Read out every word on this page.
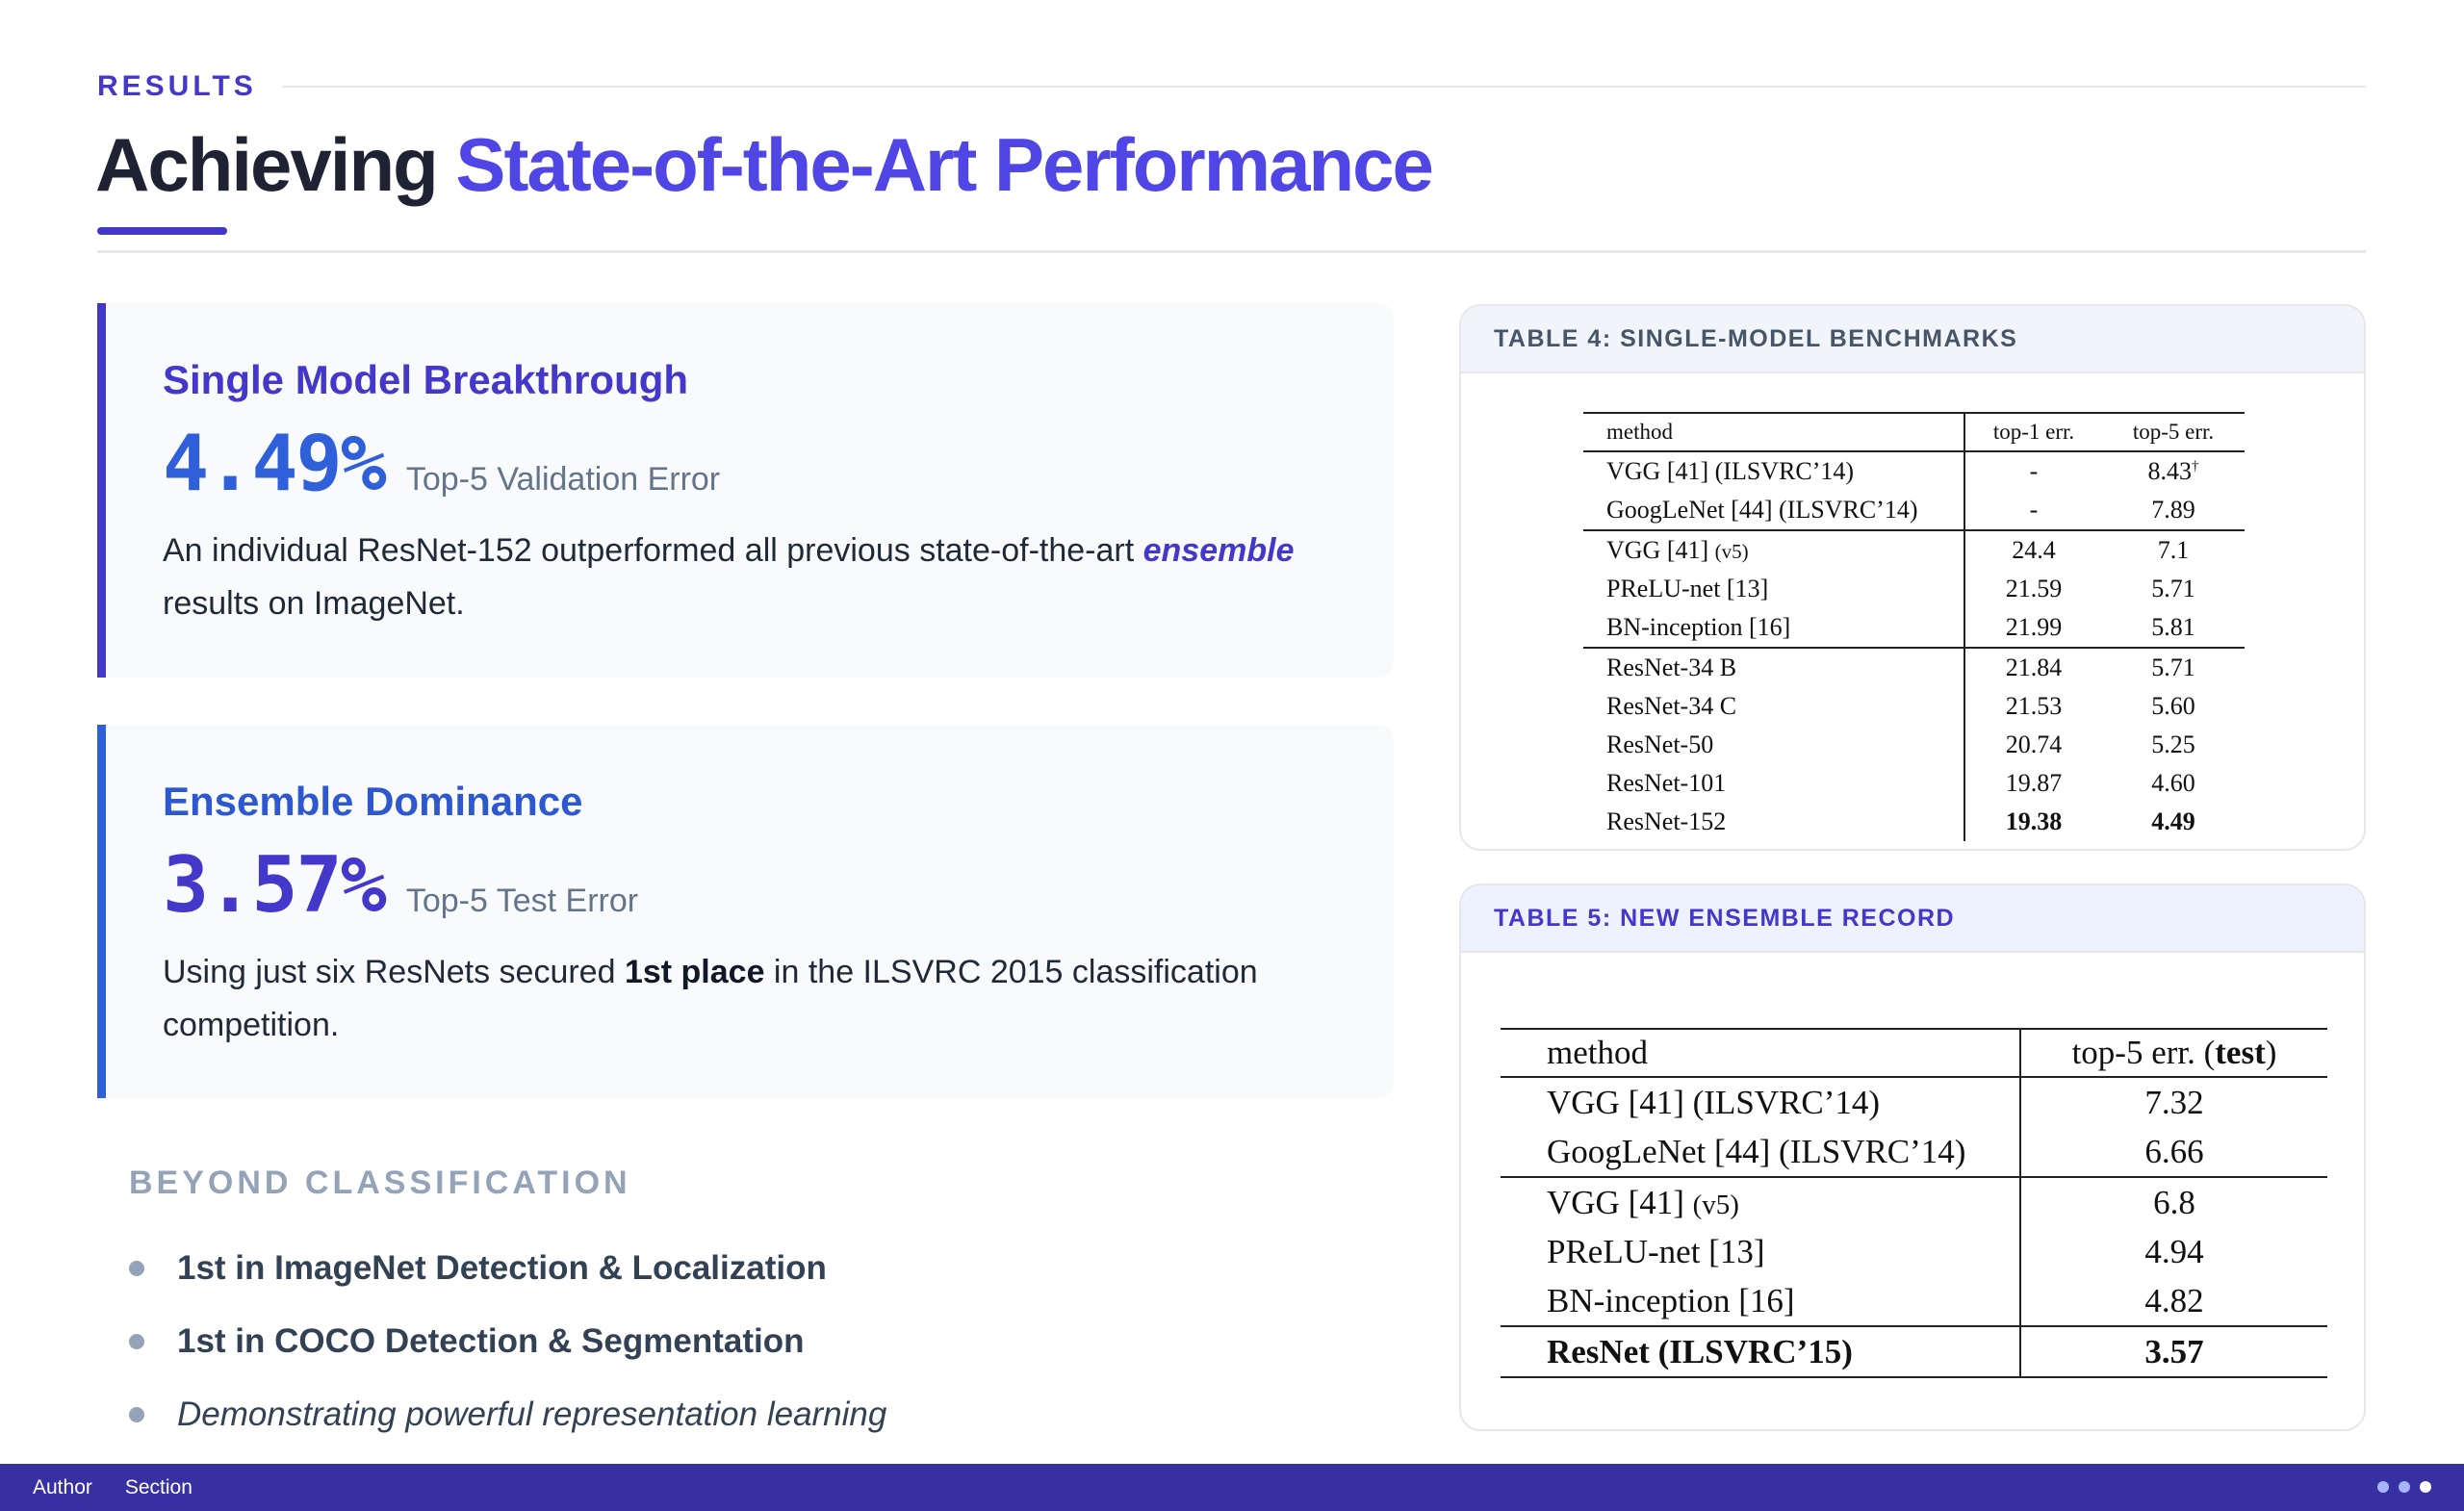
RESULTS
Achieving State-of-the-Art Performance
Single Model Breakthrough
4.49% Top-5 Validation Error
An individual ResNet-152 outperformed all previous state-of-the-art ensemble results on ImageNet.
Ensemble Dominance
3.57% Top-5 Test Error
Using just six ResNets secured 1st place in the ILSVRC 2015 classification competition.
BEYOND CLASSIFICATION
1st in ImageNet Detection & Localization
1st in COCO Detection & Segmentation
Demonstrating powerful representation learning
TABLE 4: SINGLE-MODEL BENCHMARKS
method	top-1 err.	top-5 err.
VGG [41] (ILSVRC’14)	-	8.43†
GoogLeNet [44] (ILSVRC’14)	-	7.89
VGG [41] (v5)	24.4	7.1
PReLU-net [13]	21.59	5.71
BN-inception [16]	21.99	5.81
ResNet-34 B	21.84	5.71
ResNet-34 C	21.53	5.60
ResNet-50	20.74	5.25
ResNet-101	19.87	4.60
ResNet-152	19.38	4.49
TABLE 5: NEW ENSEMBLE RECORD
method	top-5 err. (test)
VGG [41] (ILSVRC’14)	7.32
GoogLeNet [44] (ILSVRC’14)	6.66
VGG [41] (v5)	6.8
PReLU-net [13]	4.94
BN-inception [16]	4.82
ResNet (ILSVRC’15)	3.57
Author Section
